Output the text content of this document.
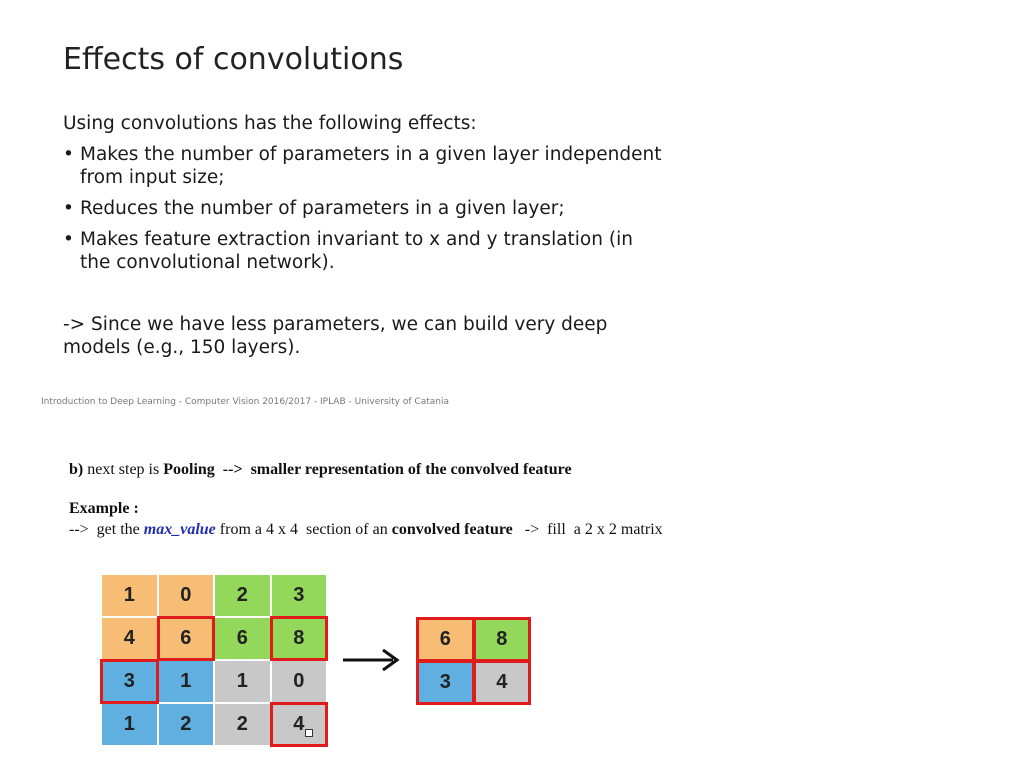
Effects of convolutions
Using convolutions has the following effects:
• Makes the number of parameters in a given layer independent from input size;
• Reduces the number of parameters in a given layer;
• Makes feature extraction invariant to x and y translation (in the convolutional network).
-> Since we have less parameters, we can build very deep models (e.g., 150 layers).
Introduction to Deep Learning - Computer Vision 2016/2017 - IPLAB - University of Catania
b) next step is Pooling  -->  smaller representation of the convolved feature
Example :
-->  get the max_value from a 4 x 4  section of an convolved feature   ->  fill  a 2 x 2 matrix
1	0	2	3
4	6	6	8
3	1	1	0
1	2	2	4
6	8
3	4
